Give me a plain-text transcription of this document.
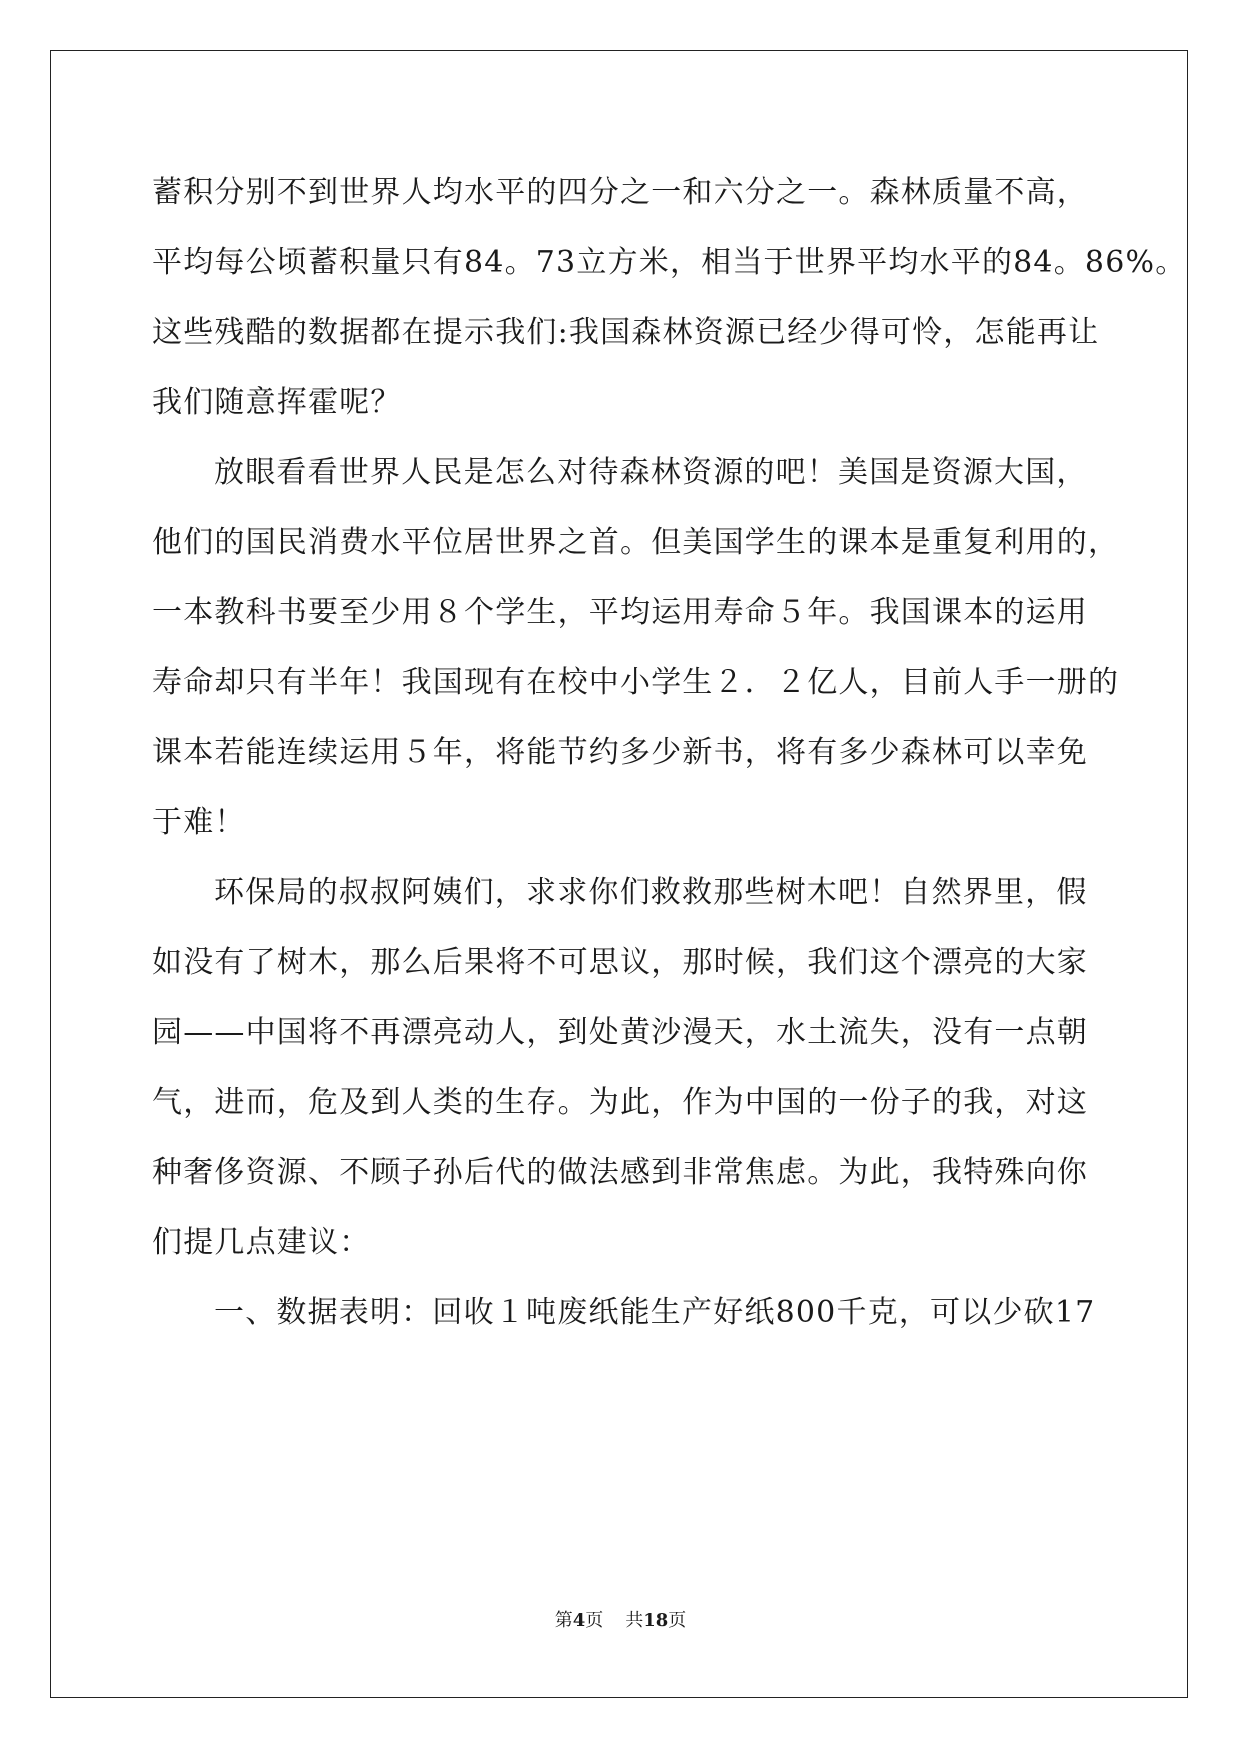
蓄积分别不到世界人均水平的四分之一和六分之一。森林质量不高，
平均每公顷蓄积量只有84。73立方米，相当于世界平均水平的84。86%。
这些残酷的数据都在提示我们:我国森林资源已经少得可怜，怎能再让
我们随意挥霍呢？
放眼看看世界人民是怎么对待森林资源的吧！美国是资源大国，
他们的国民消费水平位居世界之首。但美国学生的课本是重复利用的，
一本教科书要至少用８个学生，平均运用寿命５年。我国课本的运用
寿命却只有半年！我国现有在校中小学生２．２亿人，目前人手一册的
课本若能连续运用５年，将能节约多少新书，将有多少森林可以幸免
于难！
环保局的叔叔阿姨们，求求你们救救那些树木吧！自然界里，假
如没有了树木，那么后果将不可思议，那时候，我们这个漂亮的大家
园——中国将不再漂亮动人，到处黄沙漫天，水土流失，没有一点朝
气，进而，危及到人类的生存。为此，作为中国的一份子的我，对这
种奢侈资源、不顾子孙后代的做法感到非常焦虑。为此，我特殊向你
们提几点建议：
一、数据表明：回收１吨废纸能生产好纸800千克，可以少砍17
第4页 共18页
